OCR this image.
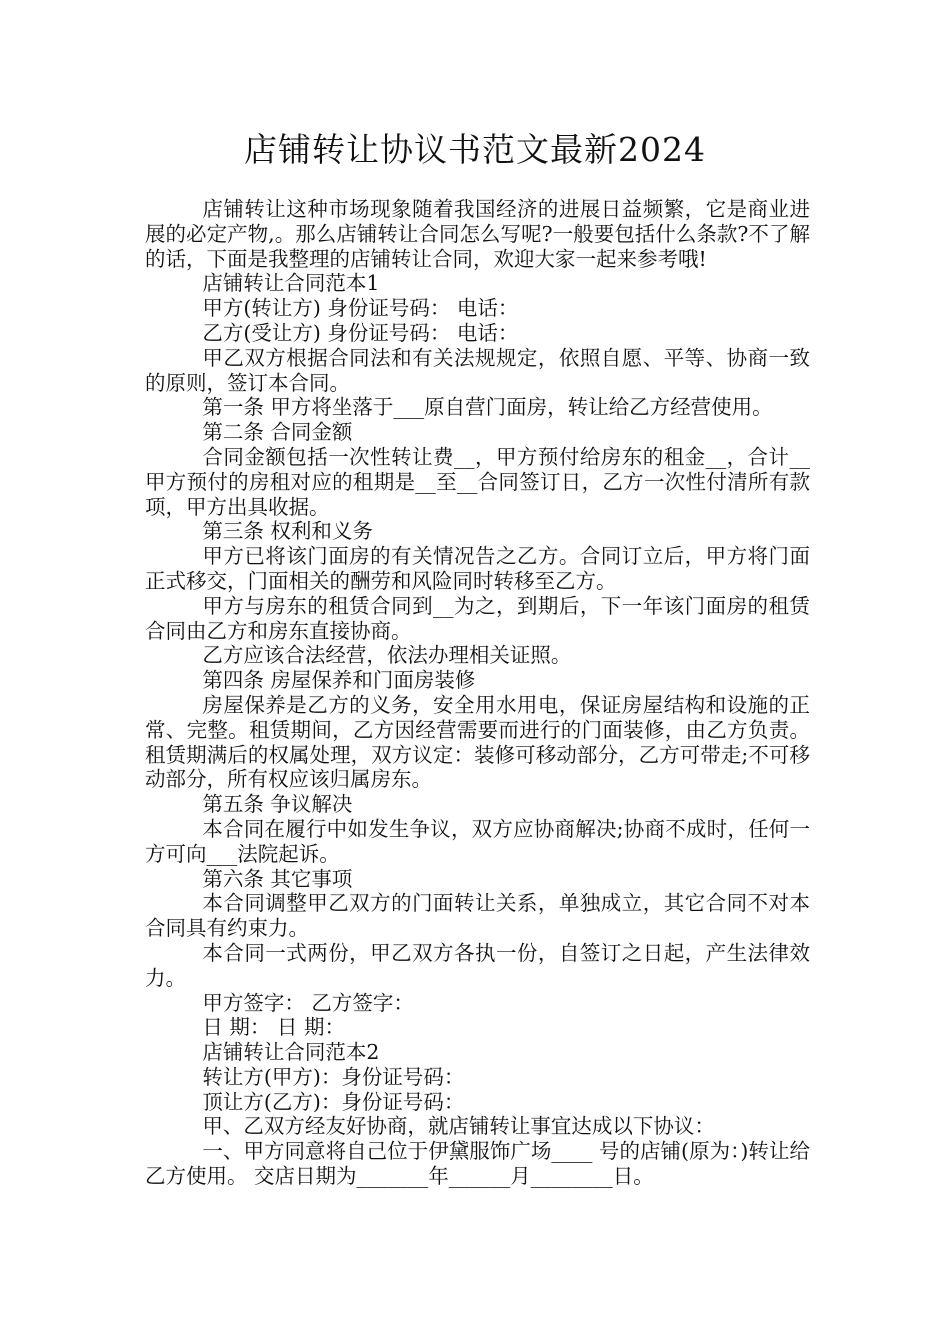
店铺转让协议书范文最新2024

店铺转让这种市场现象随着我国经济的进展日益频繁，它是商业进展的必定产物,。那么店铺转让合同怎么写呢?一般要包括什么条款?不了解的话，下面是我整理的店铺转让合同，欢迎大家一起来参考哦!

店铺转让合同范本1

甲方(转让方) 身份证号码： 电话：

乙方(受让方) 身份证号码： 电话：

甲乙双方根据合同法和有关法规规定，依照自愿、平等、协商一致的原则，签订本合同。

第一条 甲方将坐落于___原自营门面房，转让给乙方经营使用。

第二条 合同金额

合同金额包括一次性转让费__，甲方预付给房东的租金__，合计__甲方预付的房租对应的租期是__至__合同签订日，乙方一次性付清所有款项，甲方出具收据。

第三条 权利和义务

甲方已将该门面房的有关情况告之乙方。合同订立后，甲方将门面正式移交，门面相关的酬劳和风险同时转移至乙方。

甲方与房东的租赁合同到__为之，到期后，下一年该门面房的租赁合同由乙方和房东直接协商。

乙方应该合法经营，依法办理相关证照。

第四条 房屋保养和门面房装修

房屋保养是乙方的义务，安全用水用电，保证房屋结构和设施的正常、完整。租赁期间，乙方因经营需要而进行的门面装修，由乙方负责。租赁期满后的权属处理，双方议定：装修可移动部分，乙方可带走;不可移动部分，所有权应该归属房东。

第五条 争议解决

本合同在履行中如发生争议，双方应协商解决;协商不成时，任何一方可向___法院起诉。

第六条 其它事项

本合同调整甲乙双方的门面转让关系，单独成立，其它合同不对本合同具有约束力。

本合同一式两份，甲乙双方各执一份，自签订之日起，产生法律效力。

甲方签字： 乙方签字：

日 期： 日 期：

店铺转让合同范本2

转让方(甲方)：身份证号码：

顶让方(乙方)：身份证号码：

甲、乙双方经友好协商，就店铺转让事宜达成以下协议：

一、甲方同意将自己位于伊黛服饰广场____ 号的店铺(原为：)转让给乙方使用。 交店日期为_______年______月________日。
